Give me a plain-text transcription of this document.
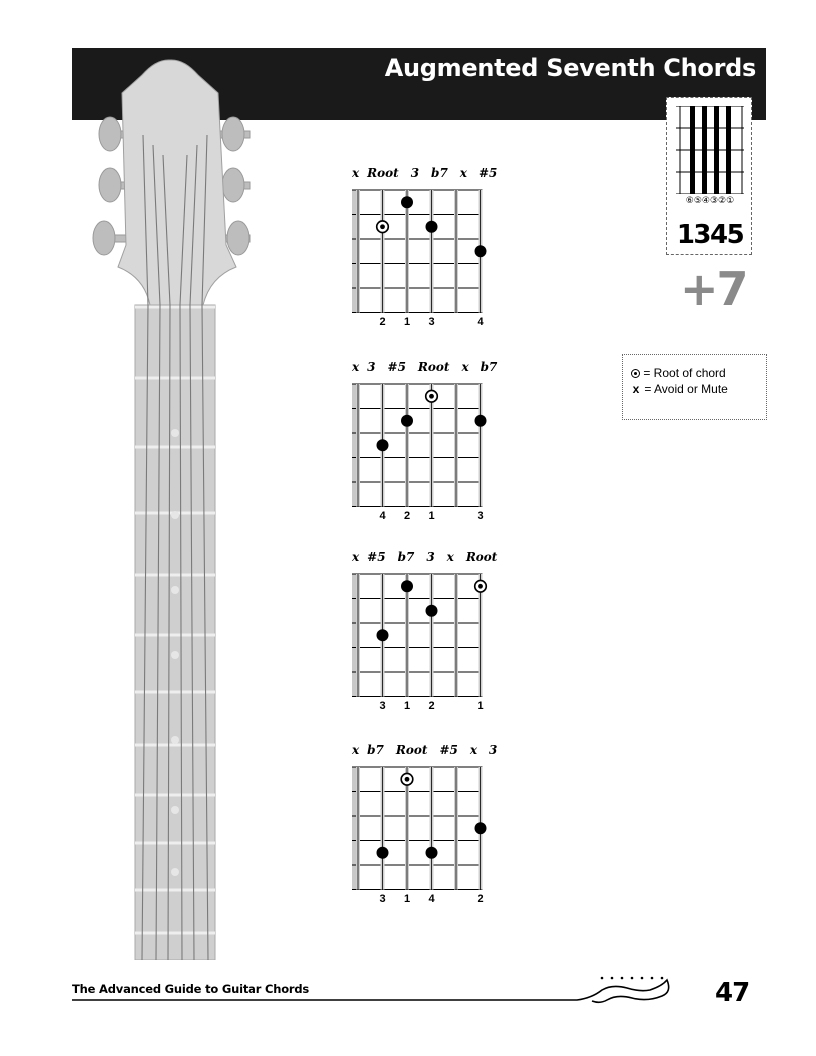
Augmented Seventh Chords
x Root 3 b7 x #5
2	1	3	4
x 3 #5 Root x b7
4	2	1	3
x #5 b7 3 x Root
3	1	2	1
x b7 Root #5 x 3
3	1	4	2
⑥⑤④③②①
1345
+7
= Root of chord
x = Avoid or Mute
The Advanced Guide to Guitar Chords	47
